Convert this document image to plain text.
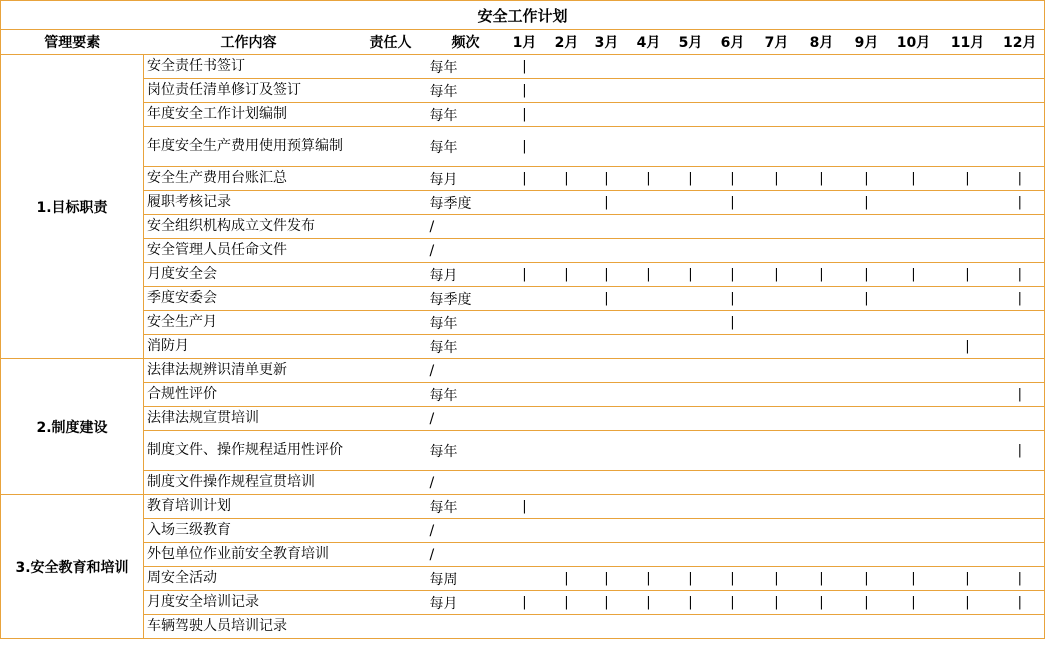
安全工作计划															
管理要素	工作内容	责任人	频次	1月	2月	3月	4月	5月	6月	7月	8月	9月	10月	11月	12月
1.目标职责	安全责任书签订		每年	|											
	岗位责任清单修订及签订		每年	|											
	年度安全工作计划编制		每年	|											
	年度安全生产费用使用预算编制		每年	|											
	安全生产费用台账汇总		每月	|	|	|	|	|	|	|	|	|	|	|	|
	履职考核记录		每季度			|			|			|			|
	安全组织机构成立文件发布		/												
	安全管理人员任命文件		/												
	月度安全会		每月	|	|	|	|	|	|	|	|	|	|	|	|
	季度安委会		每季度			|			|			|			|
	安全生产月		每年						|						
	消防月		每年											|	
2.制度建设	法律法规辨识清单更新		/												
	合规性评价		每年												|
	法律法规宣贯培训		/												
	制度文件、操作规程适用性评价		每年												|
	制度文件操作规程宣贯培训		/												
3.安全教育和培训	教育培训计划		每年	|											
	入场三级教育		/												
	外包单位作业前安全教育培训		/												
	周安全活动		每周		|	|	|	|	|	|	|	|	|	|	|
	月度安全培训记录		每月	|	|	|	|	|	|	|	|	|	|	|	|
	车辆驾驶人员培训记录														
